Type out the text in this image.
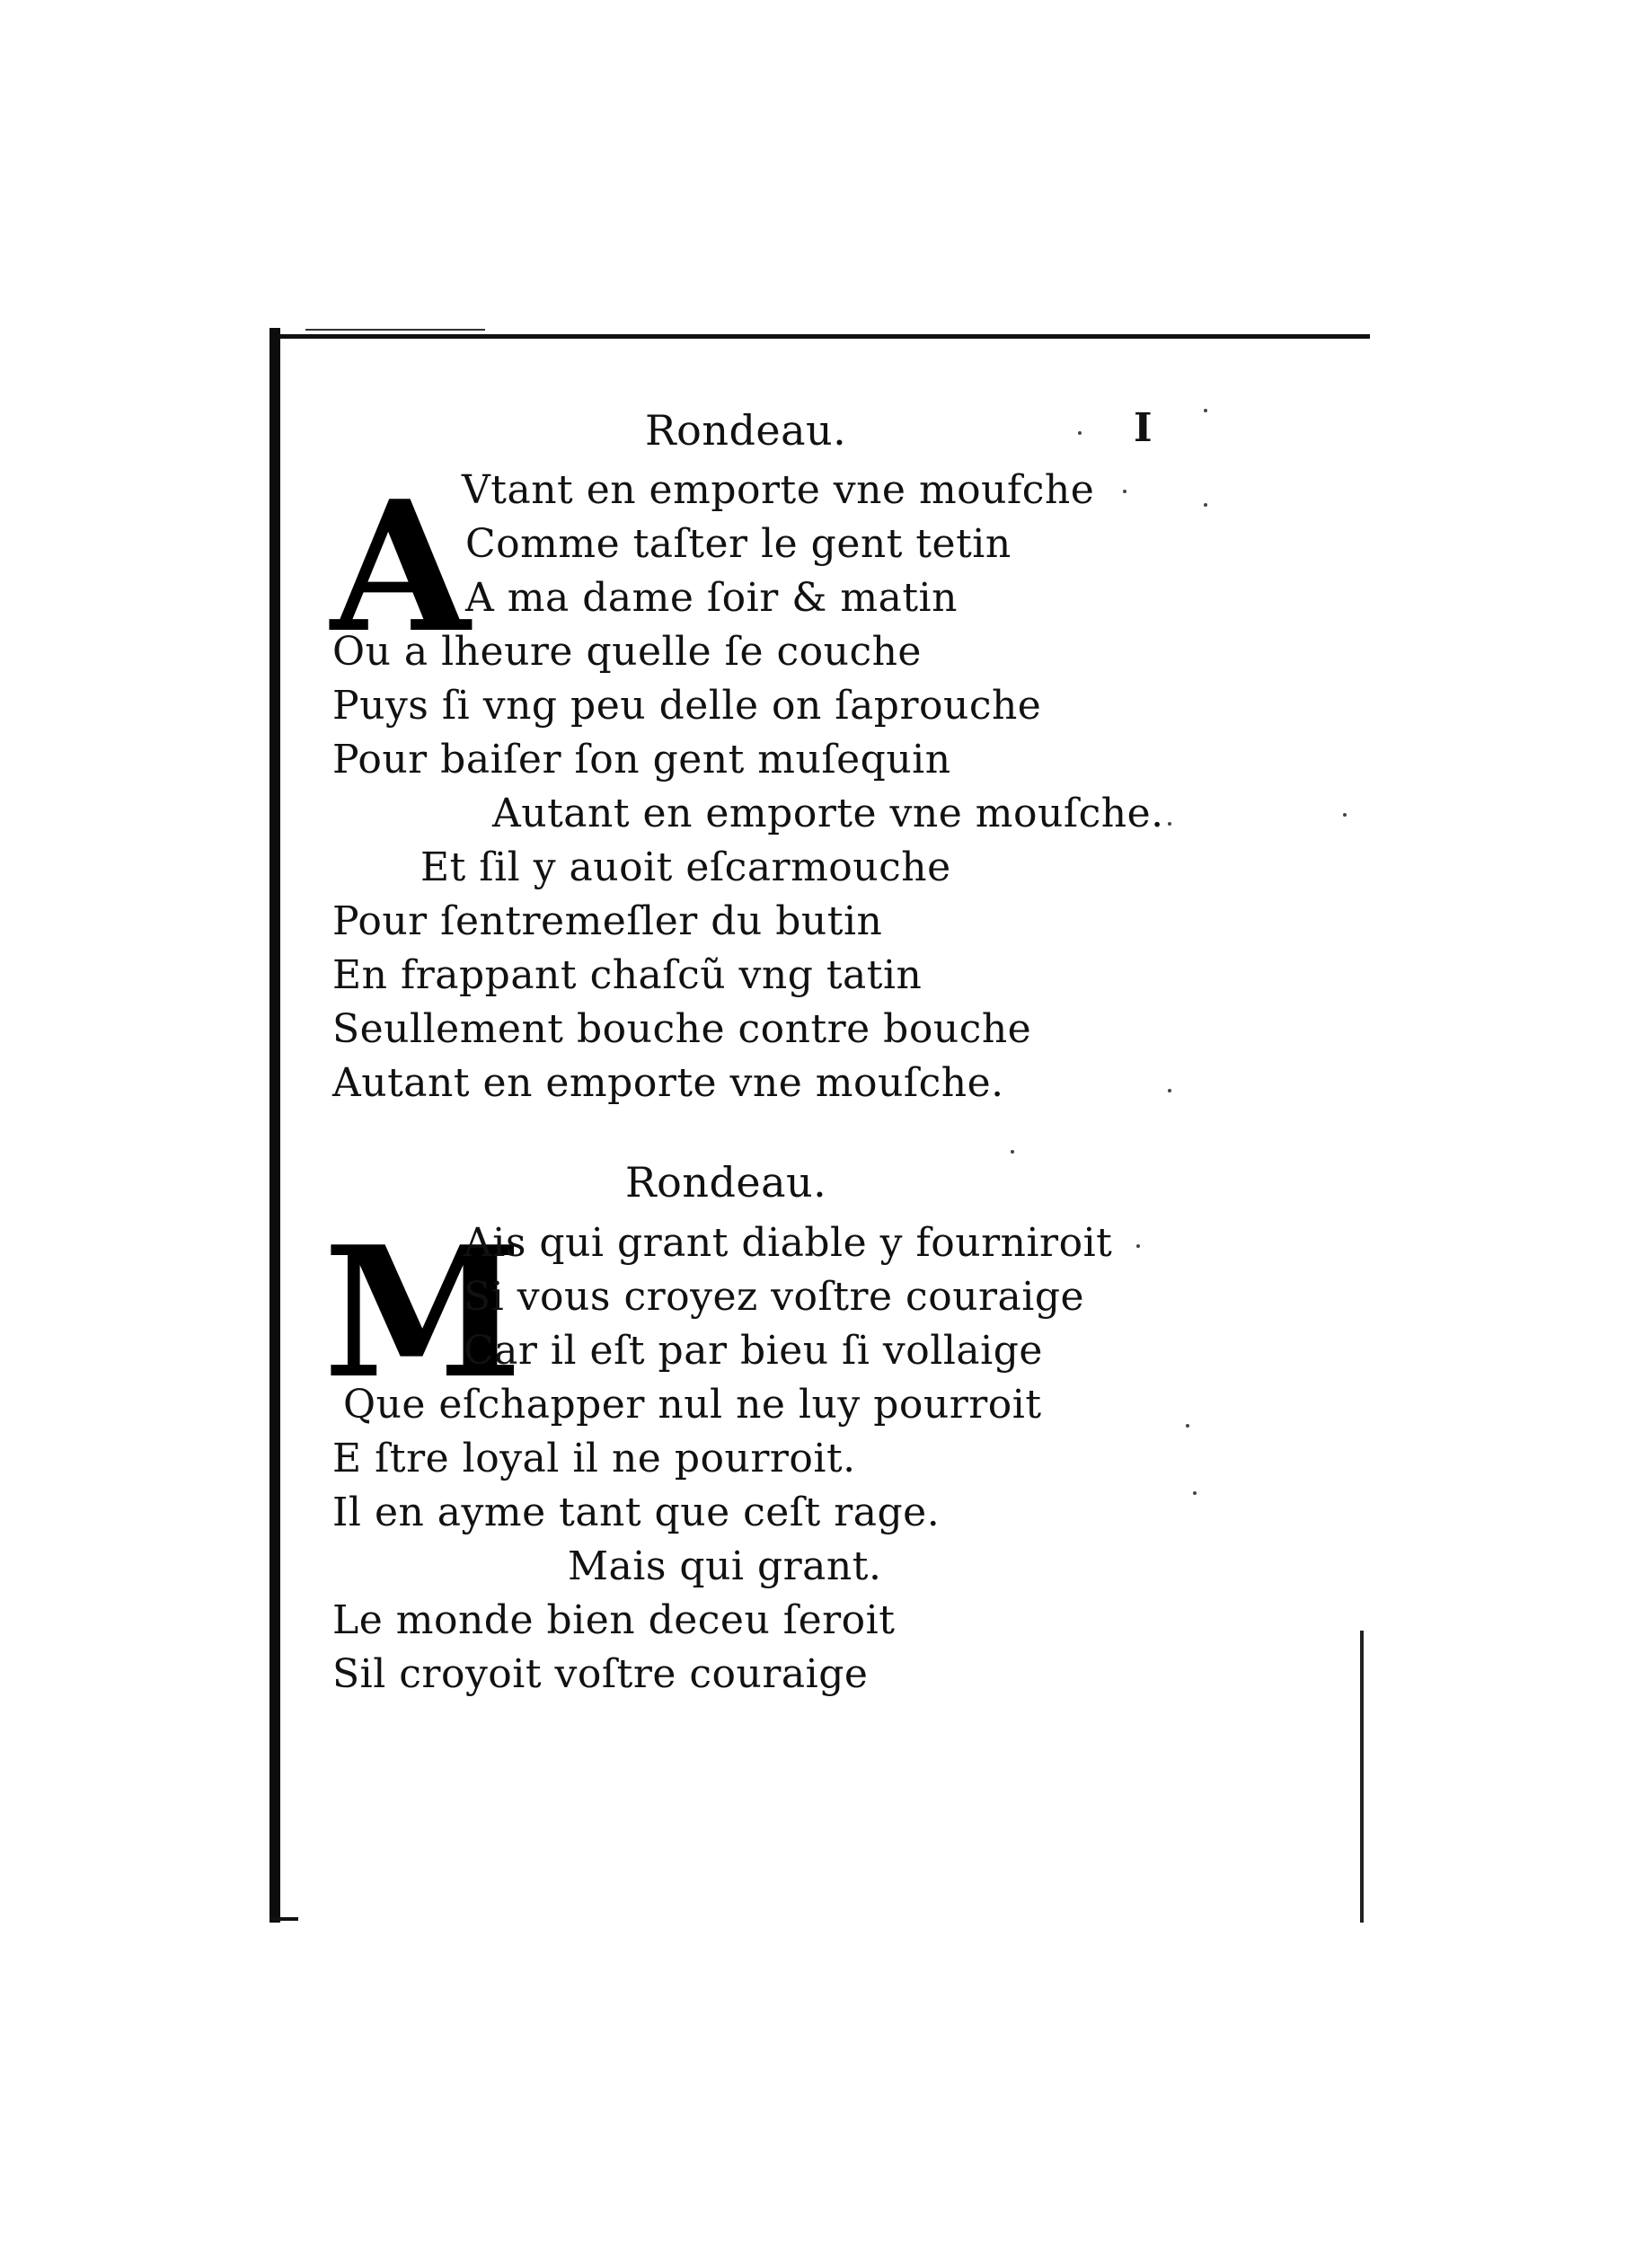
I
Rondeau.
A
Vtant en emporte vne moufche
Comme taſter le gent tetin
A ma dame ſoir & matin
Ou a lheure quelle ſe couche
Puys ſi vng peu delle on ſaprouche
Pour baiſer ſon gent muſequin
Autant en emporte vne mouſche.
Et ſil y auoit eſcarmouche
Pour ſentremeſler du butin
En frappant chaſcũ vng tatin
Seullement bouche contre bouche
Autant en emporte vne mouſche.
Rondeau.
M
Ais qui grant diable y fourniroit
Si vous croyez voſtre couraige
Car il eſt par bieu ſi vollaige
Que eſchapper nul ne luy pourroit
E ſtre loyal il ne pourroit.
Il en ayme tant que ceſt rage.
Mais qui grant.
Le monde bien deceu ſeroit
Sil croyoit voſtre couraige
